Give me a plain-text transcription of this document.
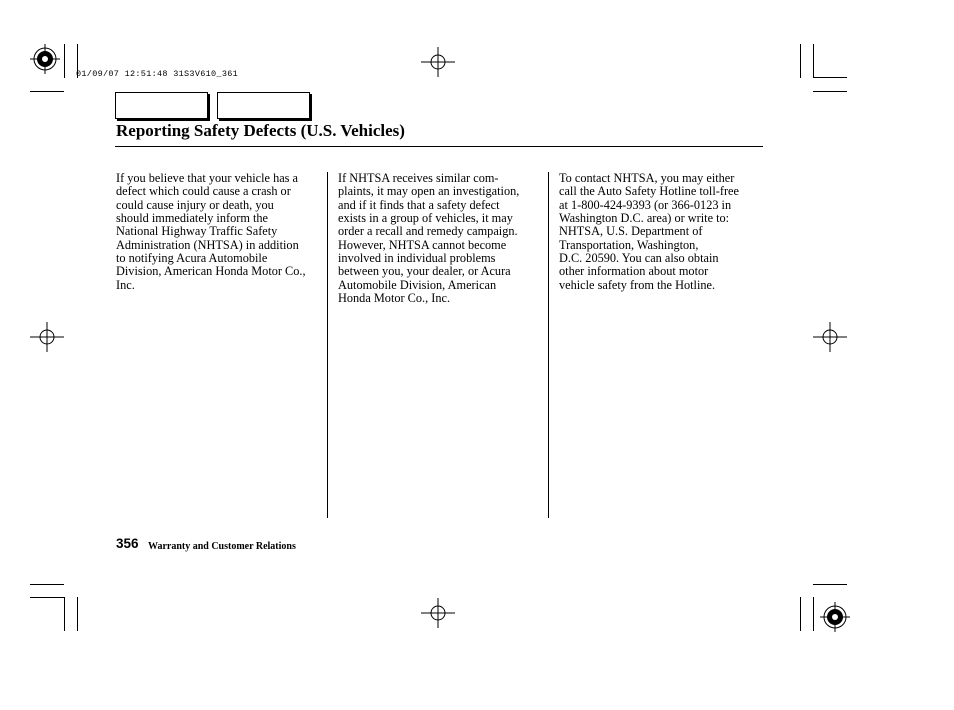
01/09/07 12:51:48 31S3V610_361
Reporting Safety Defects (U.S. Vehicles)
If you believe that your vehicle has a
defect which could cause a crash or
could cause injury or death, you
should immediately inform the
National Highway Traffic Safety
Administration (NHTSA) in addition
to notifying Acura Automobile
Division, American Honda Motor Co.,
Inc.
If NHTSA receives similar com-
plaints, it may open an investigation,
and if it finds that a safety defect
exists in a group of vehicles, it may
order a recall and remedy campaign.
However, NHTSA cannot become
involved in individual problems
between you, your dealer, or Acura
Automobile Division, American
Honda Motor Co., Inc.
To contact NHTSA, you may either
call the Auto Safety Hotline toll-free
at 1-800-424-9393 (or 366-0123 in
Washington D.C. area) or write to:
NHTSA, U.S. Department of
Transportation, Washington,
D.C. 20590. You can also obtain
other information about motor
vehicle safety from the Hotline.
356 Warranty and Customer Relations
